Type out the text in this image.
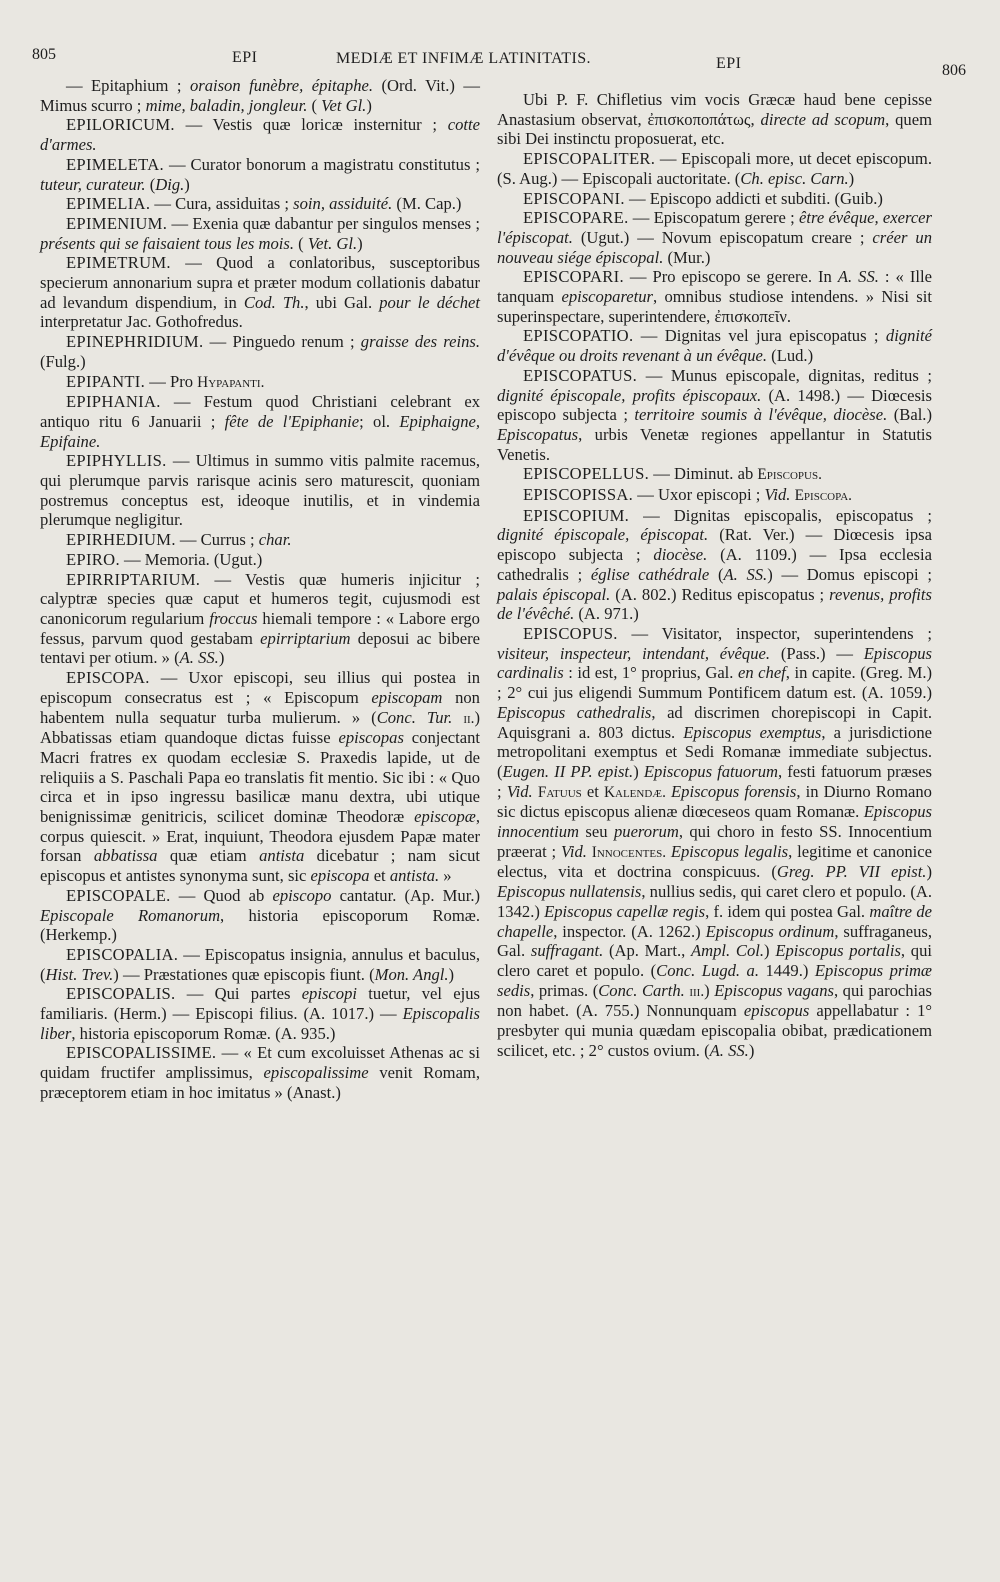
805	EPI	MEDIÆ ET INFIMÆ LATINITATIS.	EPI	806

— Epitaphium ; oraison funèbre, épitaphe. (Ord. Vit.) — Mimus scurro ; mime, baladin, jongleur. ( Vet Gl.)

EPILORICUM. — Vestis quæ loricæ insternitur ; cotte d'armes.

EPIMELETA. — Curator bonorum a magistratu constitutus ; tuteur, curateur. (Dig.)

EPIMELIA. — Cura, assiduitas ; soin, assiduité. (M. Cap.)

EPIMENIUM. — Exenia quæ dabantur per singulos menses ; présents qui se faisaient tous les mois. ( Vet. Gl.)

EPIMETRUM. — Quod a conlatoribus, susceptoribus specierum annonarium supra et præter modum collationis dabatur ad levandum dispendium, in Cod. Th., ubi Gal. pour le déchet interpretatur Jac. Gothofredus.

EPINEPHRIDIUM. — Pinguedo renum ; graisse des reins. (Fulg.)

EPIPANTI. — Pro Hypapanti.

EPIPHANIA. — Festum quod Christiani celebrant ex antiquo ritu 6 Januarii ; fête de l'Epiphanie; ol. Epiphaigne, Epifaine.

EPIPHYLLIS. — Ultimus in summo vitis palmite racemus, qui plerumque parvis rarisque acinis sero maturescit, quoniam postremus conceptus est, ideoque inutilis, et in vindemia plerumque negligitur.

EPIRHEDIUM. — Currus ; char.

EPIRO. — Memoria. (Ugut.)

EPIRRIPTARIUM. — Vestis quæ humeris injicitur ; calyptræ species quæ caput et humeros tegit, cujusmodi est canonicorum regularium froccus hiemali tempore : « Labore ergo fessus, parvum quod gestabam epirriptarium deposui ac bibere tentavi per otium. » (A. SS.)

EPISCOPA. — Uxor episcopi, seu illius qui postea in episcopum consecratus est ; « Episcopum episcopam non habentem nulla sequatur turba mulierum. » (Conc. Tur. ii.) Abbatissas etiam quandoque dictas fuisse episcopas conjectant Macri fratres ex quodam ecclesiæ S. Praxedis lapide, ut de reliquiis a S. Paschali Papa eo translatis fit mentio. Sic ibi : « Quo circa et in ipso ingressu basilicæ manu dextra, ubi utique benignissimæ genitricis, scilicet dominæ Theodoræ episcopæ, corpus quiescit. » Erat, inquiunt, Theodora ejusdem Papæ mater forsan abbatissa quæ etiam antista dicebatur ; nam sicut episcopus et antistes synonyma sunt, sic episcopa et antista. »

EPISCOPALE. — Quod ab episcopo cantatur. (Ap. Mur.) Episcopale Romanorum, historia episcoporum Romæ. (Herkemp.)

EPISCOPALIA. — Episcopatus insignia, annulus et baculus, (Hist. Trev.) — Præstationes quæ episcopis fiunt. (Mon. Angl.)

EPISCOPALIS. — Qui partes episcopi tuetur, vel ejus familiaris. (Herm.) — Episcopi filius. (A. 1017.) — Episcopalis liber, historia episcoporum Romæ. (A. 935.)

EPISCOPALISSIME. — « Et cum excoluisset Athenas ac si quidam fructifer amplissimus, episcopalissime venit Romam, præceptorem etiam in hoc imitatus » (Anast.)

Ubi P. F. Chifletius vim vocis Græcæ haud bene cepisse Anastasium observat, ἐπισκοποπάτως, directe ad scopum, quem sibi Dei instinctu proposuerat, etc.

EPISCOPALITER. — Episcopali more, ut decet episcopum. (S. Aug.) — Episcopali auctoritate. (Ch. episc. Carn.)

EPISCOPANI. — Episcopo addicti et subditi. (Guib.)

EPISCOPARE. — Episcopatum gerere ; être évêque, exercer l'épiscopat. (Ugut.) — Novum episcopatum creare ; créer un nouveau siége épiscopal. (Mur.)

EPISCOPARI. — Pro episcopo se gerere. In A. SS. : « Ille tanquam episcoparetur, omnibus studiose intendens. » Nisi sit superinspectare, superintendere, ἐπισκοπεῖν.

EPISCOPATIO. — Dignitas vel jura episcopatus ; dignité d'évêque ou droits revenant à un évêque. (Lud.)

EPISCOPATUS. — Munus episcopale, dignitas, reditus ; dignité épiscopale, profits épiscopaux. (A. 1498.) — Diœcesis episcopo subjecta ; territoire soumis à l'évêque, diocèse. (Bal.) Episcopatus, urbis Venetæ regiones appellantur in Statutis Venetis.

EPISCOPELLUS. — Diminut. ab Episcopus.

EPISCOPISSA. — Uxor episcopi ; Vid. Episcopa.

EPISCOPIUM. — Dignitas episcopalis, episcopatus ; dignité épiscopale, épiscopat. (Rat. Ver.) — Diœcesis ipsa episcopo subjecta ; diocèse. (A. 1109.) — Ipsa ecclesia cathedralis ; église cathédrale (A. SS.) — Domus episcopi ; palais épiscopal. (A. 802.) Reditus episcopatus ; revenus, profits de l'évêché. (A. 971.)

EPISCOPUS. — Visitator, inspector, superintendens ; visiteur, inspecteur, intendant, évêque. (Pass.) — Episcopus cardinalis : id est, 1° proprius, Gal. en chef, in capite. (Greg. M.) ; 2° cui jus eligendi Summum Pontificem datum est. (A. 1059.) Episcopus cathedralis, ad discrimen chorepiscopi in Capit. Aquisgrani a. 803 dictus. Episcopus exemptus, a jurisdictione metropolitani exemptus et Sedi Romanæ immediate subjectus. (Eugen. II PP. epist.) Episcopus fatuorum, festi fatuorum præses ; Vid. Fatuus et Kalendæ. Episcopus forensis, in Diurno Romano sic dictus episcopus alienæ diœceseos quam Romanæ. Episcopus innocentium seu puerorum, qui choro in festo SS. Innocentium præerat ; Vid. Innocentes. Episcopus legalis, legitime et canonice electus, vita et doctrina conspicuus. (Greg. PP. VII epist.) Episcopus nullatensis, nullius sedis, qui caret clero et populo. (A. 1342.) Episcopus capellæ regis, f. idem qui postea Gal. maître de chapelle, inspector. (A. 1262.) Episcopus ordinum, suffraganeus, Gal. suffragant. (Ap. Mart., Ampl. Col.) Episcopus portalis, qui clero caret et populo. (Conc. Lugd. a. 1449.) Episcopus primæ sedis, primas. (Conc. Carth. iii.) Episcopus vagans, qui parochias non habet. (A. 755.) Nonnunquam episcopus appellabatur : 1° presbyter qui munia quædam episcopalia obibat, prædicationem scilicet, etc. ; 2° custos ovium. (A. SS.)
